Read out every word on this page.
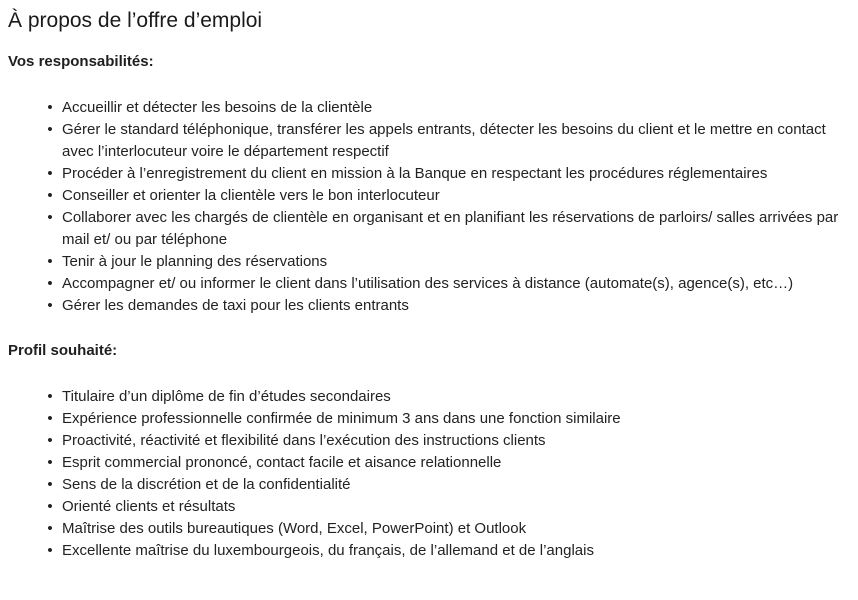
À propos de l’offre d’emploi

Vos responsabilités:

• Accueillir et détecter les besoins de la clientèle
• Gérer le standard téléphonique, transférer les appels entrants, détecter les besoins du client et le mettre en contact avec l’interlocuteur voire le département respectif
• Procéder à l’enregistrement du client en mission à la Banque en respectant les procédures réglementaires
• Conseiller et orienter la clientèle vers le bon interlocuteur
• Collaborer avec les chargés de clientèle en organisant et en planifiant les réservations de parloirs/ salles arrivées par mail et/ ou par téléphone
• Tenir à jour le planning des réservations
• Accompagner et/ ou informer le client dans l’utilisation des services à distance (automate(s), agence(s), etc…)
• Gérer les demandes de taxi pour les clients entrants

Profil souhaité:

• Titulaire d’un diplôme de fin d’études secondaires
• Expérience professionnelle confirmée de minimum 3 ans dans une fonction similaire
• Proactivité, réactivité et flexibilité dans l’exécution des instructions clients
• Esprit commercial prononcé, contact facile et aisance relationnelle
• Sens de la discrétion et de la confidentialité
• Orienté clients et résultats
• Maîtrise des outils bureautiques (Word, Excel, PowerPoint) et Outlook
• Excellente maîtrise du luxembourgeois, du français, de l’allemand et de l’anglais
